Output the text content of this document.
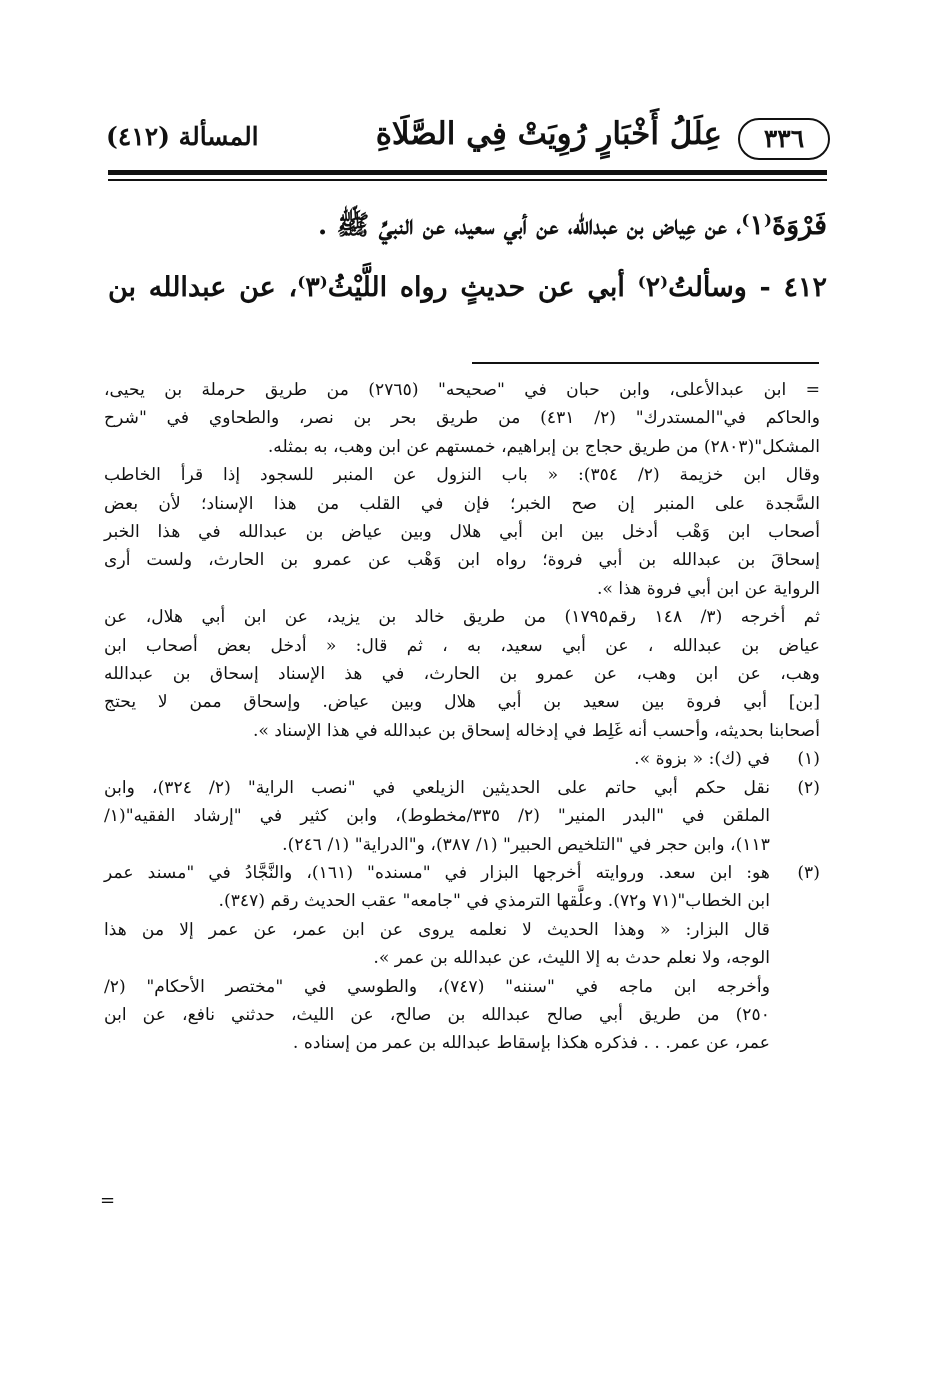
٣٣٦
عِلَلُ أَخْبَارٍ رُوِيَتْ فِي الصَّلَاةِ
المسألة (٤١٢)
فَرْوَةَ⁽١⁾، عن عِياض بن عبدالله، عن أبي سعيد، عن النبيِّ ﷺ .
٤١٢ - وسألتُ⁽٢⁾ أبي عن حديثٍ رواه اللَّيْثُ⁽٣⁾، عن عبدالله بن
= ابن عبدالأعلى، وابن حبان في "صحيحه" (٢٧٦٥) من طريق حرملة بن يحيى،
والحاكم في"المستدرك" (٢/ ٤٣١) من طريق بحر بن نصر، والطحاوي في "شرح
المشكل"(٢٨٠٣) من طريق حجاج بن إبراهيم، خمستهم عن ابن وهب، به بمثله.
وقال ابن خزيمة (٢/ ٣٥٤): « باب النزول عن المنبر للسجود إذا قرأ الخاطب
السَّجدة على المنبر إن صح الخبر؛ فإن في القلب من هذا الإسناد؛ لأن بعض
أصحاب ابن وَهْب أدخل بين ابن أبي هلال وبين عياض بن عبدالله في هذا الخبر
إسحاقَ بن عبدالله بن أبي فروة؛ رواه ابن وَهْب عن عمرو بن الحارث، ولست أرى
الرواية عن ابن أبي فروة هذا ».
ثم أخرجه (٣/ ١٤٨ رقم١٧٩٥) من طريق خالد بن يزيد، عن ابن أبي هلال، عن
عياض بن عبدالله ، عن أبي سعيد، به ، ثم قال: « أدخل بعض أصحاب ابن
وهب، عن ابن وهب، عن عمرو بن الحارث، في هذ الإسناد إسحاق بن عبدالله
[بن] أبي فروة بين سعيد بن أبي هلال وبين عياض. وإسحاق ممن لا يحتج
أصحابنا بحديثه، وأحسب أنه غَلِط في إدخاله إسحاق بن عبدالله في هذا الإسناد ».
(١)
في (ك): « بزوة ».
(٢)
نقل حكم أبي حاتم على الحديثين الزيلعي في "نصب الراية" (٢/ ٣٢٤)، وابن
الملقن في "البدر المنير" (٢/ ٣٣٥/مخطوط)، وابن كثير في "إرشاد الفقيه"(١/
١١٣)، وابن حجر في "التلخيص الحبير" (١/ ٣٨٧)، و"الدراية" (١/ ٢٤٦).
(٣)
هو: ابن سعد. وروايته أخرجها البزار في "مسنده" (١٦١)، والنَّجَّادُ في "مسند عمر
ابن الخطاب"(٧١ و٧٢). وعلَّقها الترمذي في "جامعه" عقب الحديث رقم (٣٤٧).
قال البزار: « وهذا الحديث لا نعلمه يروى عن ابن عمر، عن عمر إلا من هذا
الوجه، ولا نعلم حدث به إلا الليث، عن عبدالله بن عمر ».
وأخرجه ابن ماجه في "سننه" (٧٤٧)، والطوسي في "مختصر الأحكام" (٢/
٢٥٠) من طريق أبي صالح عبدالله بن صالح، عن الليث، حدثني نافع، عن ابن
عمر، عن عمر. . . فذكره هكذا بإسقاط عبدالله بن عمر من إسناده .
=
